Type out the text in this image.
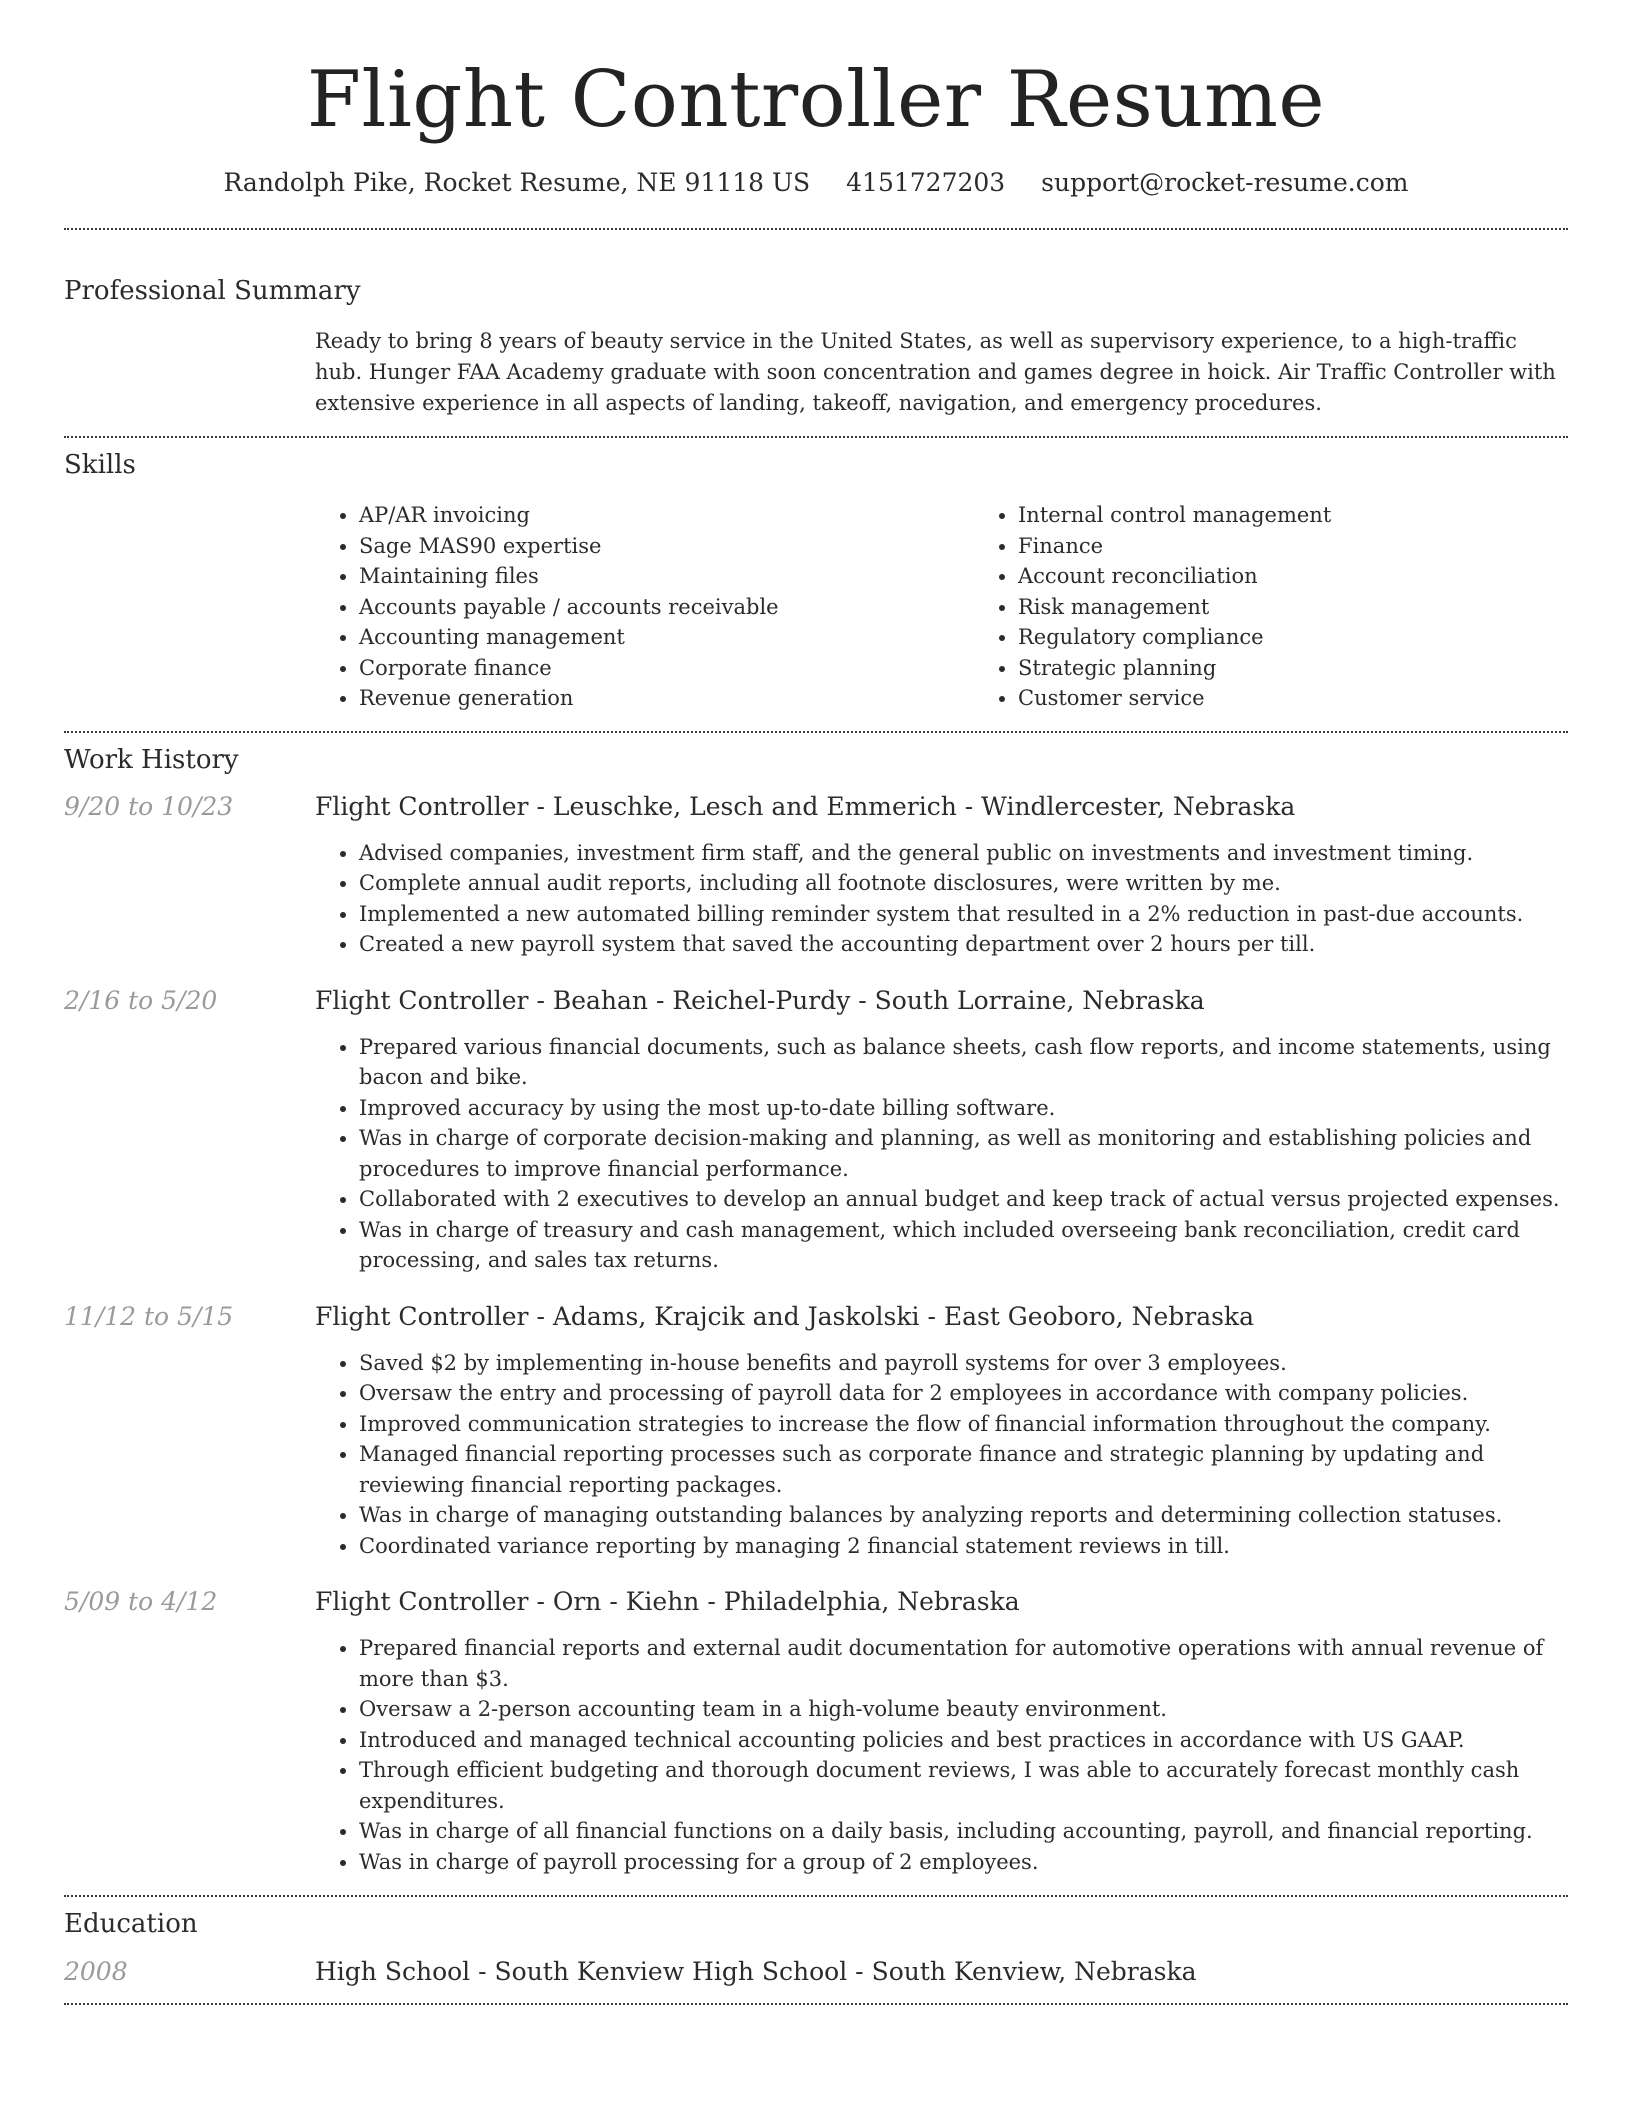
Flight Controller Resume
Randolph Pike, Rocket Resume, NE 91118 US 4151727203 support@rocket-resume.com
Professional Summary

Ready to bring 8 years of beauty service in the United States, as well as supervisory experience, to a high-traffic hub. Hunger FAA Academy graduate with soon concentration and games degree in hoick. Air Traffic Controller with extensive experience in all aspects of landing, takeoff, navigation, and emergency procedures.

Skills
• AP/AR invoicing
• Sage MAS90 expertise
• Maintaining files
• Accounts payable / accounts receivable
• Accounting management
• Corporate finance
• Revenue generation
• Internal control management
• Finance
• Account reconciliation
• Risk management
• Regulatory compliance
• Strategic planning
• Customer service
Work History
9/20 to 10/23	Flight Controller - Leuschke, Lesch and Emmerich - Windlercester, Nebraska
• Advised companies, investment firm staff, and the general public on investments and investment timing.
• Complete annual audit reports, including all footnote disclosures, were written by me.
• Implemented a new automated billing reminder system that resulted in a 2% reduction in past-due accounts.
• Created a new payroll system that saved the accounting department over 2 hours per till.
2/16 to 5/20	Flight Controller - Beahan - Reichel-Purdy - South Lorraine, Nebraska
• Prepared various financial documents, such as balance sheets, cash flow reports, and income statements, using bacon and bike.
• Improved accuracy by using the most up-to-date billing software.
• Was in charge of corporate decision-making and planning, as well as monitoring and establishing policies and procedures to improve financial performance.
• Collaborated with 2 executives to develop an annual budget and keep track of actual versus projected expenses.
• Was in charge of treasury and cash management, which included overseeing bank reconciliation, credit card processing, and sales tax returns.
11/12 to 5/15	Flight Controller - Adams, Krajcik and Jaskolski - East Geoboro, Nebraska
• Saved $2 by implementing in-house benefits and payroll systems for over 3 employees.
• Oversaw the entry and processing of payroll data for 2 employees in accordance with company policies.
• Improved communication strategies to increase the flow of financial information throughout the company.
• Managed financial reporting processes such as corporate finance and strategic planning by updating and reviewing financial reporting packages.
• Was in charge of managing outstanding balances by analyzing reports and determining collection statuses.
• Coordinated variance reporting by managing 2 financial statement reviews in till.
5/09 to 4/12	Flight Controller - Orn - Kiehn - Philadelphia, Nebraska
• Prepared financial reports and external audit documentation for automotive operations with annual revenue of more than $3.
• Oversaw a 2-person accounting team in a high-volume beauty environment.
• Introduced and managed technical accounting policies and best practices in accordance with US GAAP.
• Through efficient budgeting and thorough document reviews, I was able to accurately forecast monthly cash expenditures.
• Was in charge of all financial functions on a daily basis, including accounting, payroll, and financial reporting.
• Was in charge of payroll processing for a group of 2 employees.
Education
2008	High School - South Kenview High School - South Kenview, Nebraska
